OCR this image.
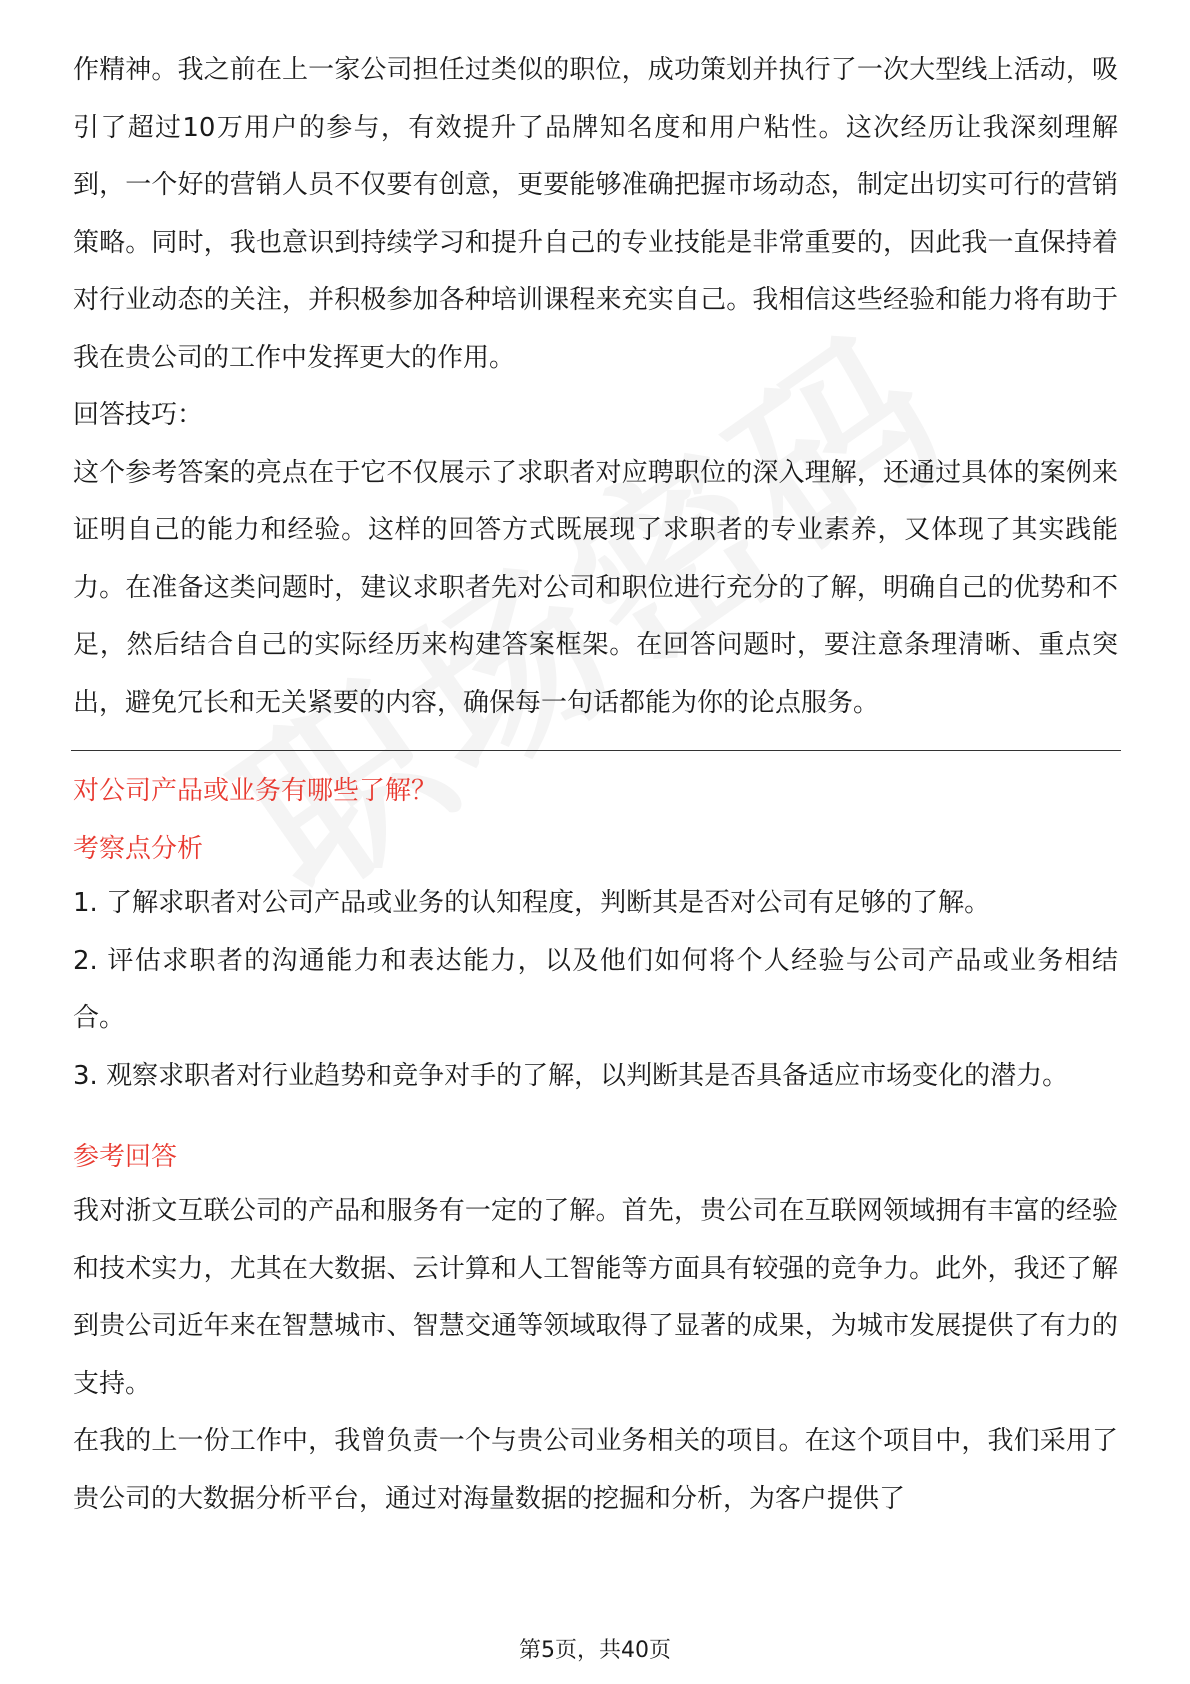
作精神。我之前在上一家公司担任过类似的职位，成功策划并执行了一次大型线上活动，吸引了超过10万用户的参与，有效提升了品牌知名度和用户粘性。这次经历让我深刻理解到，一个好的营销人员不仅要有创意，更要能够准确把握市场动态，制定出切实可行的营销策略。同时，我也意识到持续学习和提升自己的专业技能是非常重要的，因此我一直保持着对行业动态的关注，并积极参加各种培训课程来充实自己。我相信这些经验和能力将有助于我在贵公司的工作中发挥更大的作用。

回答技巧：

这个参考答案的亮点在于它不仅展示了求职者对应聘职位的深入理解，还通过具体的案例来证明自己的能力和经验。这样的回答方式既展现了求职者的专业素养，又体现了其实践能力。在准备这类问题时，建议求职者先对公司和职位进行充分的了解，明确自己的优势和不足，然后结合自己的实际经历来构建答案框架。在回答问题时，要注意条理清晰、重点突出，避免冗长和无关紧要的内容，确保每一句话都能为你的论点服务。

对公司产品或业务有哪些了解？
考察点分析

1. 了解求职者对公司产品或业务的认知程度，判断其是否对公司有足够的了解。

2. 评估求职者的沟通能力和表达能力，以及他们如何将个人经验与公司产品或业务相结合。

3. 观察求职者对行业趋势和竞争对手的了解，以判断其是否具备适应市场变化的潜力。

参考回答

我对浙文互联公司的产品和服务有一定的了解。首先，贵公司在互联网领域拥有丰富的经验和技术实力，尤其在大数据、云计算和人工智能等方面具有较强的竞争力。此外，我还了解到贵公司近年来在智慧城市、智慧交通等领域取得了显著的成果，为城市发展提供了有力的支持。

在我的上一份工作中，我曾负责一个与贵公司业务相关的项目。在这个项目中，我们采用了贵公司的大数据分析平台，通过对海量数据的挖掘和分析，为客户提供了

第5页，共40页
